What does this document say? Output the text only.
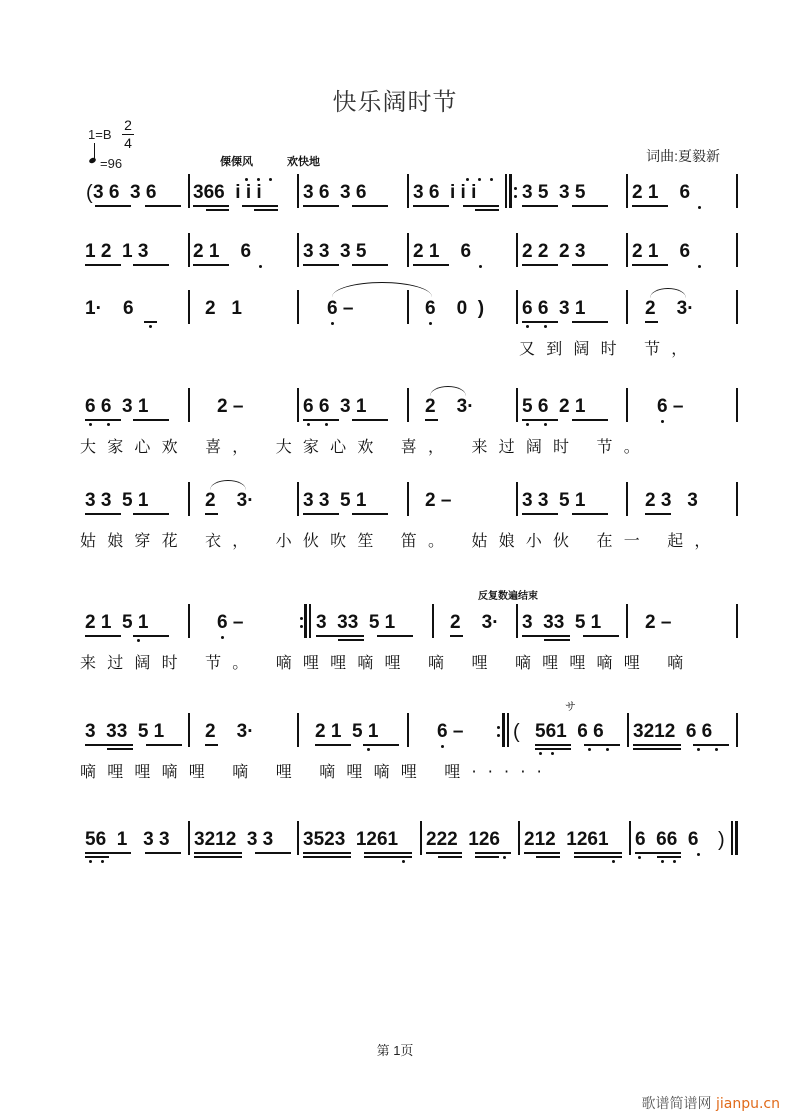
快乐阔时节
1=B
2
4
=96	词曲:夏毅新
傈傈风	欢快地
( 3 6  3 6 366  i i i 3 6  3 6 3 6  i i i 3 5  3 5 2 1    6
1 2  1 3 2 1    6	3 3  3 5 2 1    6	2 2  2 3 2 1    6
1·    6	2   1	6 –	6    0  ) 6 6  3 1	2    3·
又 到 阔 时   节 ，
6 6  3 1	2 –	6 6  3 1	2    3·	5 6  2 1	6 –
大 家 心 欢   喜 ，   大 家 心 欢   喜 ，   来 过 阔 时   节 。
3 3  5 1	2    3·	3 3  5 1	2 –	3 3  5 1	2 3   3
姑 娘 穿 花   衣 ，   小 伙 吹 笙   笛 。   姑 娘 小 伙   在 一   起 ，
反复数遍结束
2 1  5 1	6 –	3  33  5 1	2    3· 3  33  5 1 2 –
来 过 阔 时   节 。   嘀 哩 哩 嘀 哩   嘀   哩   嘀 哩 哩 嘀 哩   嘀
サ
3  33  5 1 2    3·	2 1  5 1	6 – ( 561  6 6 3212  6 6
嘀 哩 哩 嘀 哩   嘀   哩   嘀 哩 嘀 哩   哩 · · · · ·
56  1   3 3 3212  3 3 3523  1261 222  126 212  1261 6  66  6 )
第 1页
歌谱简谱网 jianpu.cn
